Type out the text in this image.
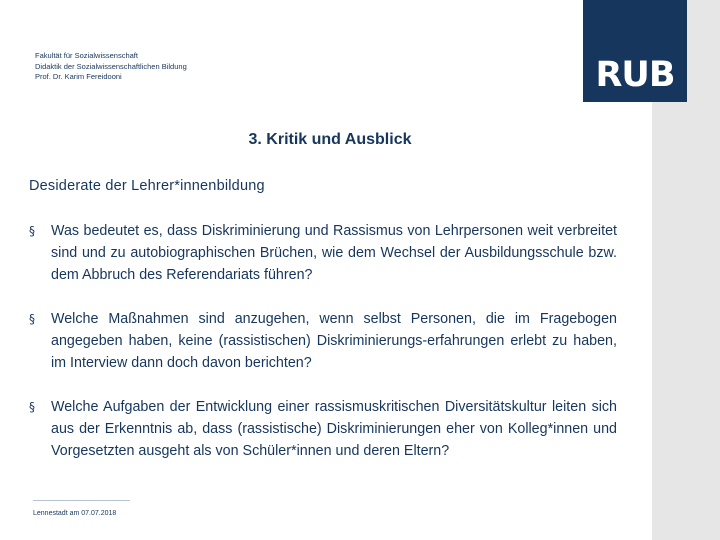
RUB
Fakultät für Sozialwissenschaft
Didaktik der Sozialwissenschaftlichen Bildung
Prof. Dr. Karim Fereidooni
3. Kritik und Ausblick
Desiderate der Lehrer*innenbildung
§ Was bedeutet es, dass Diskriminierung und Rassismus von Lehrpersonen weit verbreitet sind und zu autobiographischen Brüchen, wie dem Wechsel der Ausbildungsschule bzw. dem Abbruch des Referendariats führen?
§ Welche Maßnahmen sind anzugehen, wenn selbst Personen, die im Fragebogen angegeben haben, keine (rassistischen) Diskriminierungs-erfahrungen erlebt zu haben, im Interview dann doch davon berichten?
§ Welche Aufgaben der Entwicklung einer rassismuskritischen Diversitätskultur leiten sich aus der Erkenntnis ab, dass (rassistische) Diskriminierungen eher von Kolleg*innen und Vorgesetzten ausgeht als von Schüler*innen und deren Eltern?
Lennestadt am 07.07.2018
